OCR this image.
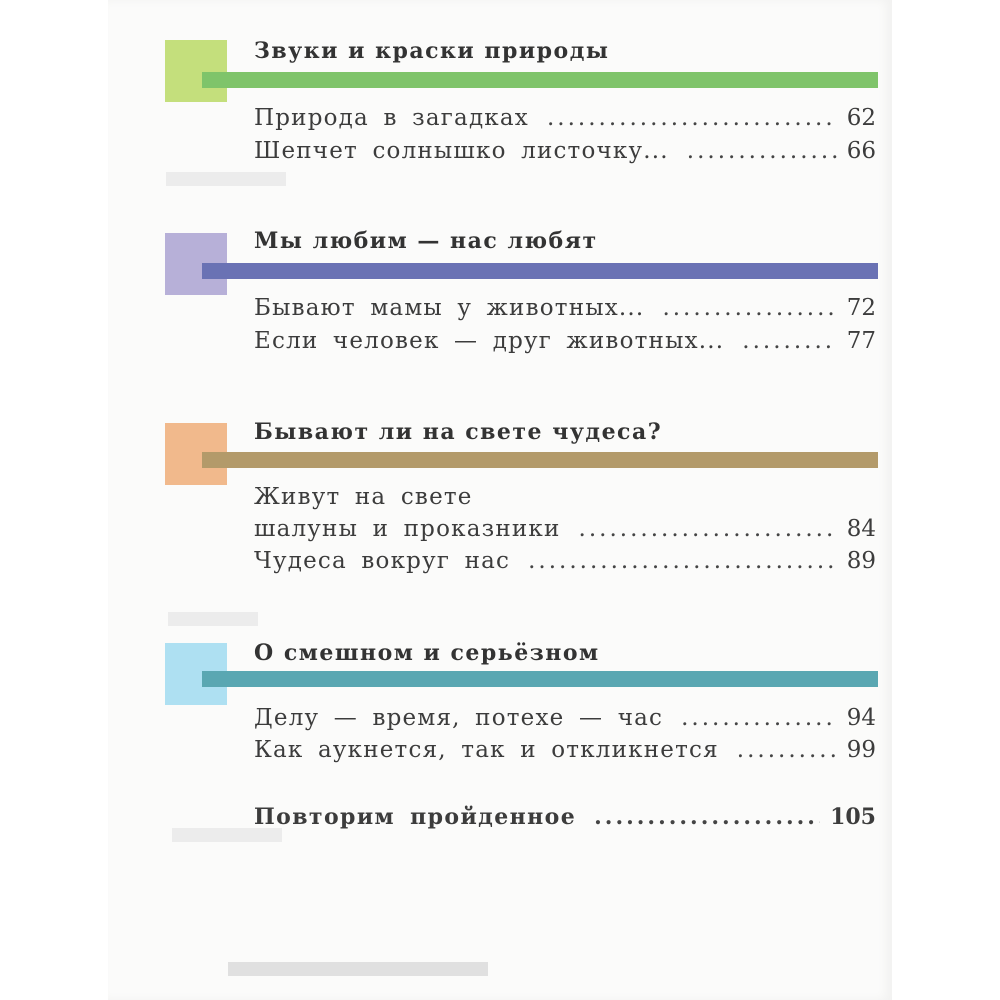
Звуки и краски природы
Природа в загадках .....	62
Шепчет солнышко листочку... .....	66
Мы любим — нас любят
Бывают мамы у животных... .....	72
Если человек — друг животных... .....	77
Бывают ли на свете чудеса?
Живут на свете
шалуны и проказники .....	84
Чудеса вокруг нас .....	89
О смешном и серьёзном
Делу — время, потехе — час .....	94
Как аукнется, так и откликнется .....	99
Повторим пройденное .....	105
